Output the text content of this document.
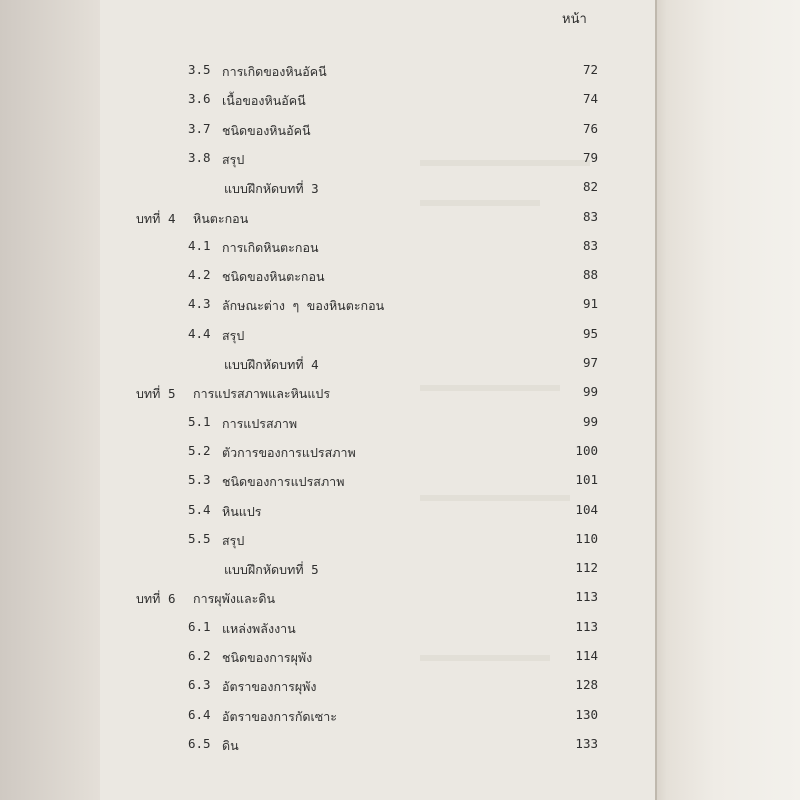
หน้า
3.5 การเกิดของหินอัคนี	72
3.6 เนื้อของหินอัคนี	74
3.7 ชนิดของหินอัคนี	76
3.8 สรุป	79
แบบฝึกหัดบทที่ 3	82
บทที่ 4 หินตะกอน	83
4.1 การเกิดหินตะกอน	83
4.2 ชนิดของหินตะกอน	88
4.3 ลักษณะต่าง ๆ ของหินตะกอน	91
4.4 สรุป	95
แบบฝึกหัดบทที่ 4	97
บทที่ 5 การแปรสภาพและหินแปร	99
5.1 การแปรสภาพ	99
5.2 ตัวการของการแปรสภาพ	100
5.3 ชนิดของการแปรสภาพ	101
5.4 หินแปร	104
5.5 สรุป	110
แบบฝึกหัดบทที่ 5	112
บทที่ 6 การผุพังและดิน	113
6.1 แหล่งพลังงาน	113
6.2 ชนิดของการผุพัง	114
6.3 อัตราของการผุพัง	128
6.4 อัตราของการกัดเซาะ	130
6.5 ดิน	133
